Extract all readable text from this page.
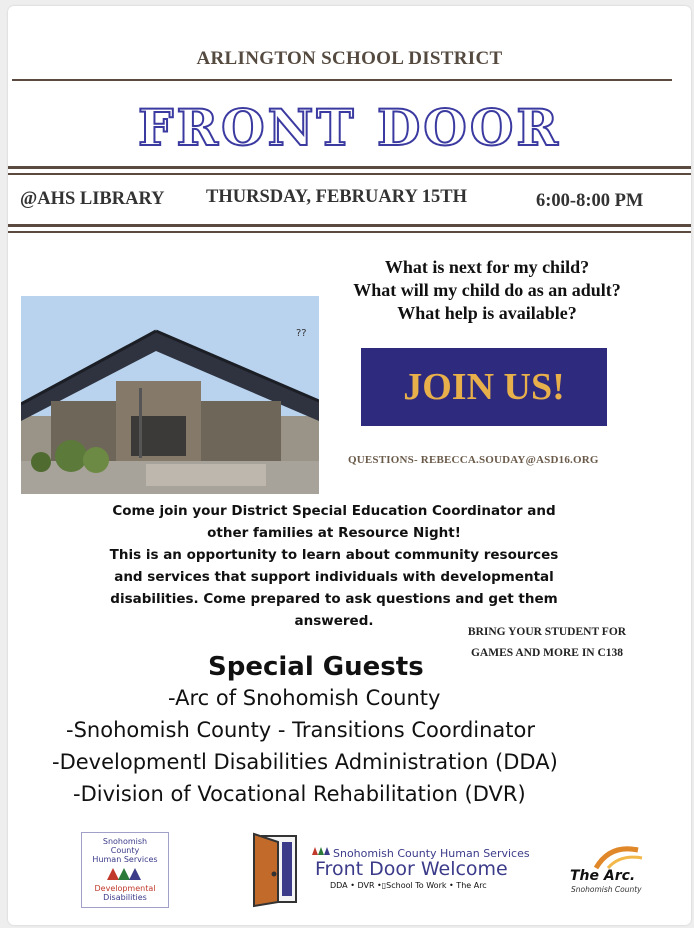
ARLINGTON SCHOOL DISTRICT
FRONT DOOR
@AHS LIBRARY THURSDAY, FEBRUARY 15TH	6:00-8:00 PM
What is next for my child?
What will my child do as an adult?
What help is available?
??
JOIN US!
QUESTIONS- REBECCA.SOUDAY@ASD16.ORG
Come join your District Special Education Coordinator and
other families at Resource Night!
This is an opportunity to learn about community resources
and services that support individuals with developmental
disabilities. Come prepared to ask questions and get them
answered.
BRING YOUR STUDENT FOR
GAMES AND MORE IN C138
Special Guests
-Arc of Snohomish County
-Snohomish County - Transitions Coordinator
-Developmentl Disabilities Administration (DDA)
-Division of Vocational Rehabilitation (DVR)
Snohomish
County
Human Services
Developmental
Disabilities
Snohomish County Human Services
Front Door Welcome
DDA • DVR •▯School To Work • The Arc
The Arc.
Snohomish County
